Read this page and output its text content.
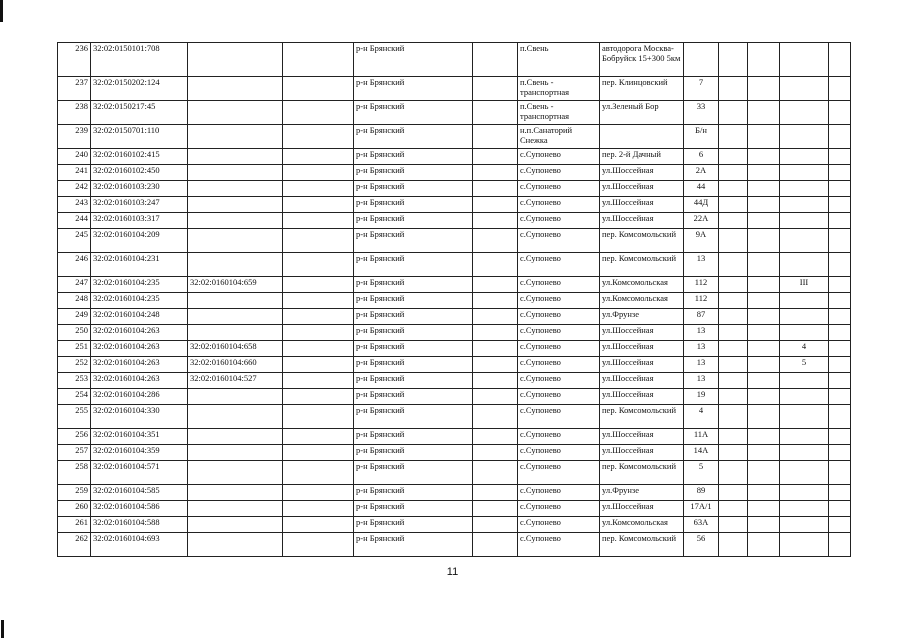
236	32:02:0150101:708			р-н Брянский		п.Свень	автодорога Москва-Бобруйск 15+300 5км					
237	32:02:0150202:124			р-н Брянский		п.Свень - транспортная	пер. Клинцовский	7				
238	32:02:0150217:45			р-н Брянский		п.Свень - транспортная	ул.Зеленый Бор	33				
239	32:02:0150701:110			р-н Брянский		н.п.Санаторий Снежка		Б/н				
240	32:02:0160102:415			р-н Брянский		с.Супонево	пер. 2-й Дачный	6				
241	32:02:0160102:450			р-н Брянский		с.Супонево	ул.Шоссейная	2А				
242	32:02:0160103:230			р-н Брянский		с.Супонево	ул.Шоссейная	44				
243	32:02:0160103:247			р-н Брянский		с.Супонево	ул.Шоссейная	44Д				
244	32:02:0160103:317			р-н Брянский		с.Супонево	ул.Шоссейная	22А				
245	32:02:0160104:209			р-н Брянский		с.Супонево	пер. Комсомольский	9А				
246	32:02:0160104:231			р-н Брянский		с.Супонево	пер. Комсомольский	13				
247	32:02:0160104:235	32:02:0160104:659		р-н Брянский		с.Супонево	ул.Комсомольская	112			III	
248	32:02:0160104:235			р-н Брянский		с.Супонево	ул.Комсомольская	112				
249	32:02:0160104:248			р-н Брянский		с.Супонево	ул.Фрунзе	87				
250	32:02:0160104:263			р-н Брянский		с.Супонево	ул.Шоссейная	13				
251	32:02:0160104:263	32:02:0160104:658		р-н Брянский		с.Супонево	ул.Шоссейная	13			4	
252	32:02:0160104:263	32:02:0160104:660		р-н Брянский		с.Супонево	ул.Шоссейная	13			5	
253	32:02:0160104:263	32:02:0160104:527		р-н Брянский		с.Супонево	ул.Шоссейная	13				
254	32:02:0160104:286			р-н Брянский		с.Супонево	ул.Шоссейная	19				
255	32:02:0160104:330			р-н Брянский		с.Супонево	пер. Комсомольский	4				
256	32:02:0160104:351			р-н Брянский		с.Супонево	ул.Шоссейная	11А				
257	32:02:0160104:359			р-н Брянский		с.Супонево	ул.Шоссейная	14А				
258	32:02:0160104:571			р-н Брянский		с.Супонево	пер. Комсомольский	5				
259	32:02:0160104:585			р-н Брянский		с.Супонево	ул.Фрунзе	89				
260	32:02:0160104:586			р-н Брянский		с.Супонево	ул.Шоссейная	17А/1				
261	32:02:0160104:588			р-н Брянский		с.Супонево	ул.Комсомольская	63А				
262	32:02:0160104:693			р-н Брянский		с.Супонево	пер. Комсомольский	56				
11
